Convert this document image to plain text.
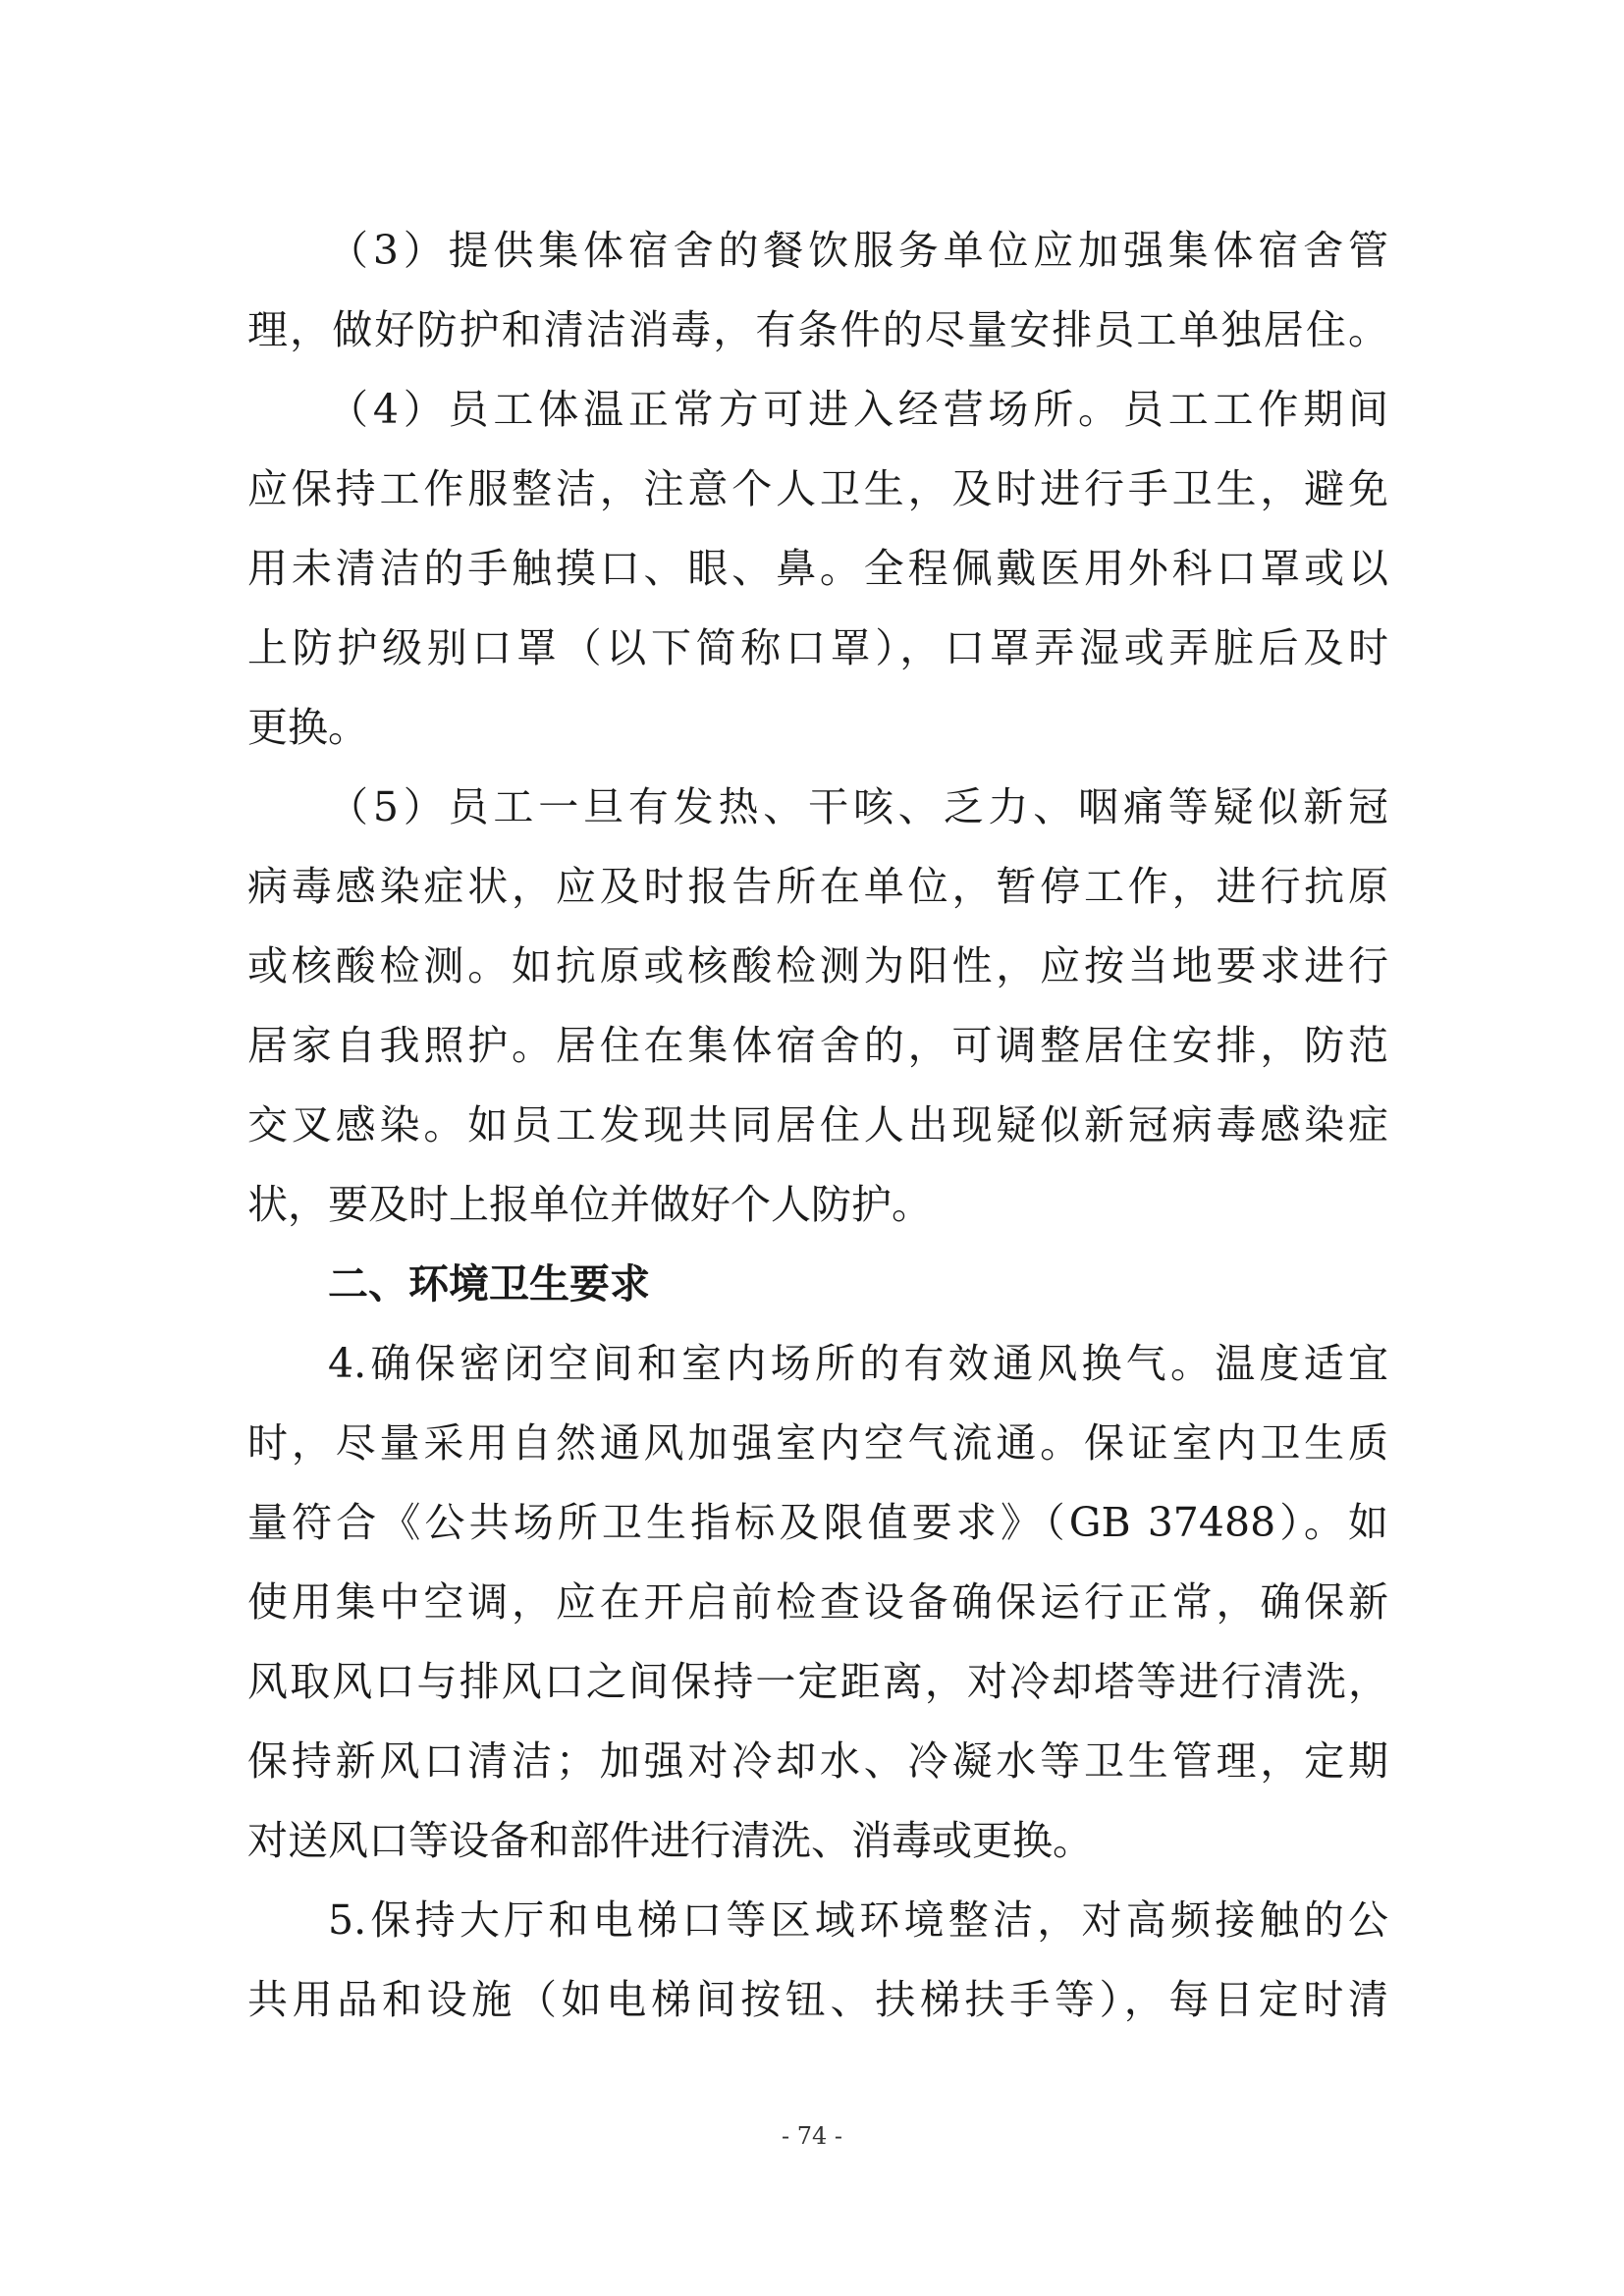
（3）提供集体宿舍的餐饮服务单位应加强集体宿舍管
理，做好防护和清洁消毒，有条件的尽量安排员工单独居住。
（4）员工体温正常方可进入经营场所。员工工作期间
应保持工作服整洁，注意个人卫生，及时进行手卫生，避免
用未清洁的手触摸口、眼、鼻。全程佩戴医用外科口罩或以
上防护级别口罩（以下简称口罩），口罩弄湿或弄脏后及时
更换。
（5）员工一旦有发热、干咳、乏力、咽痛等疑似新冠
病毒感染症状，应及时报告所在单位，暂停工作，进行抗原
或核酸检测。如抗原或核酸检测为阳性，应按当地要求进行
居家自我照护。居住在集体宿舍的，可调整居住安排，防范
交叉感染。如员工发现共同居住人出现疑似新冠病毒感染症
状，要及时上报单位并做好个人防护。
二、环境卫生要求
4.确保密闭空间和室内场所的有效通风换气。温度适宜
时，尽量采用自然通风加强室内空气流通。保证室内卫生质
量符合《公共场所卫生指标及限值要求》（GB 37488）。如
使用集中空调，应在开启前检查设备确保运行正常，确保新
风取风口与排风口之间保持一定距离，对冷却塔等进行清洗，
保持新风口清洁；加强对冷却水、冷凝水等卫生管理，定期
对送风口等设备和部件进行清洗、消毒或更换。
5.保持大厅和电梯口等区域环境整洁，对高频接触的公
共用品和设施（如电梯间按钮、扶梯扶手等），每日定时清
- 74 -
